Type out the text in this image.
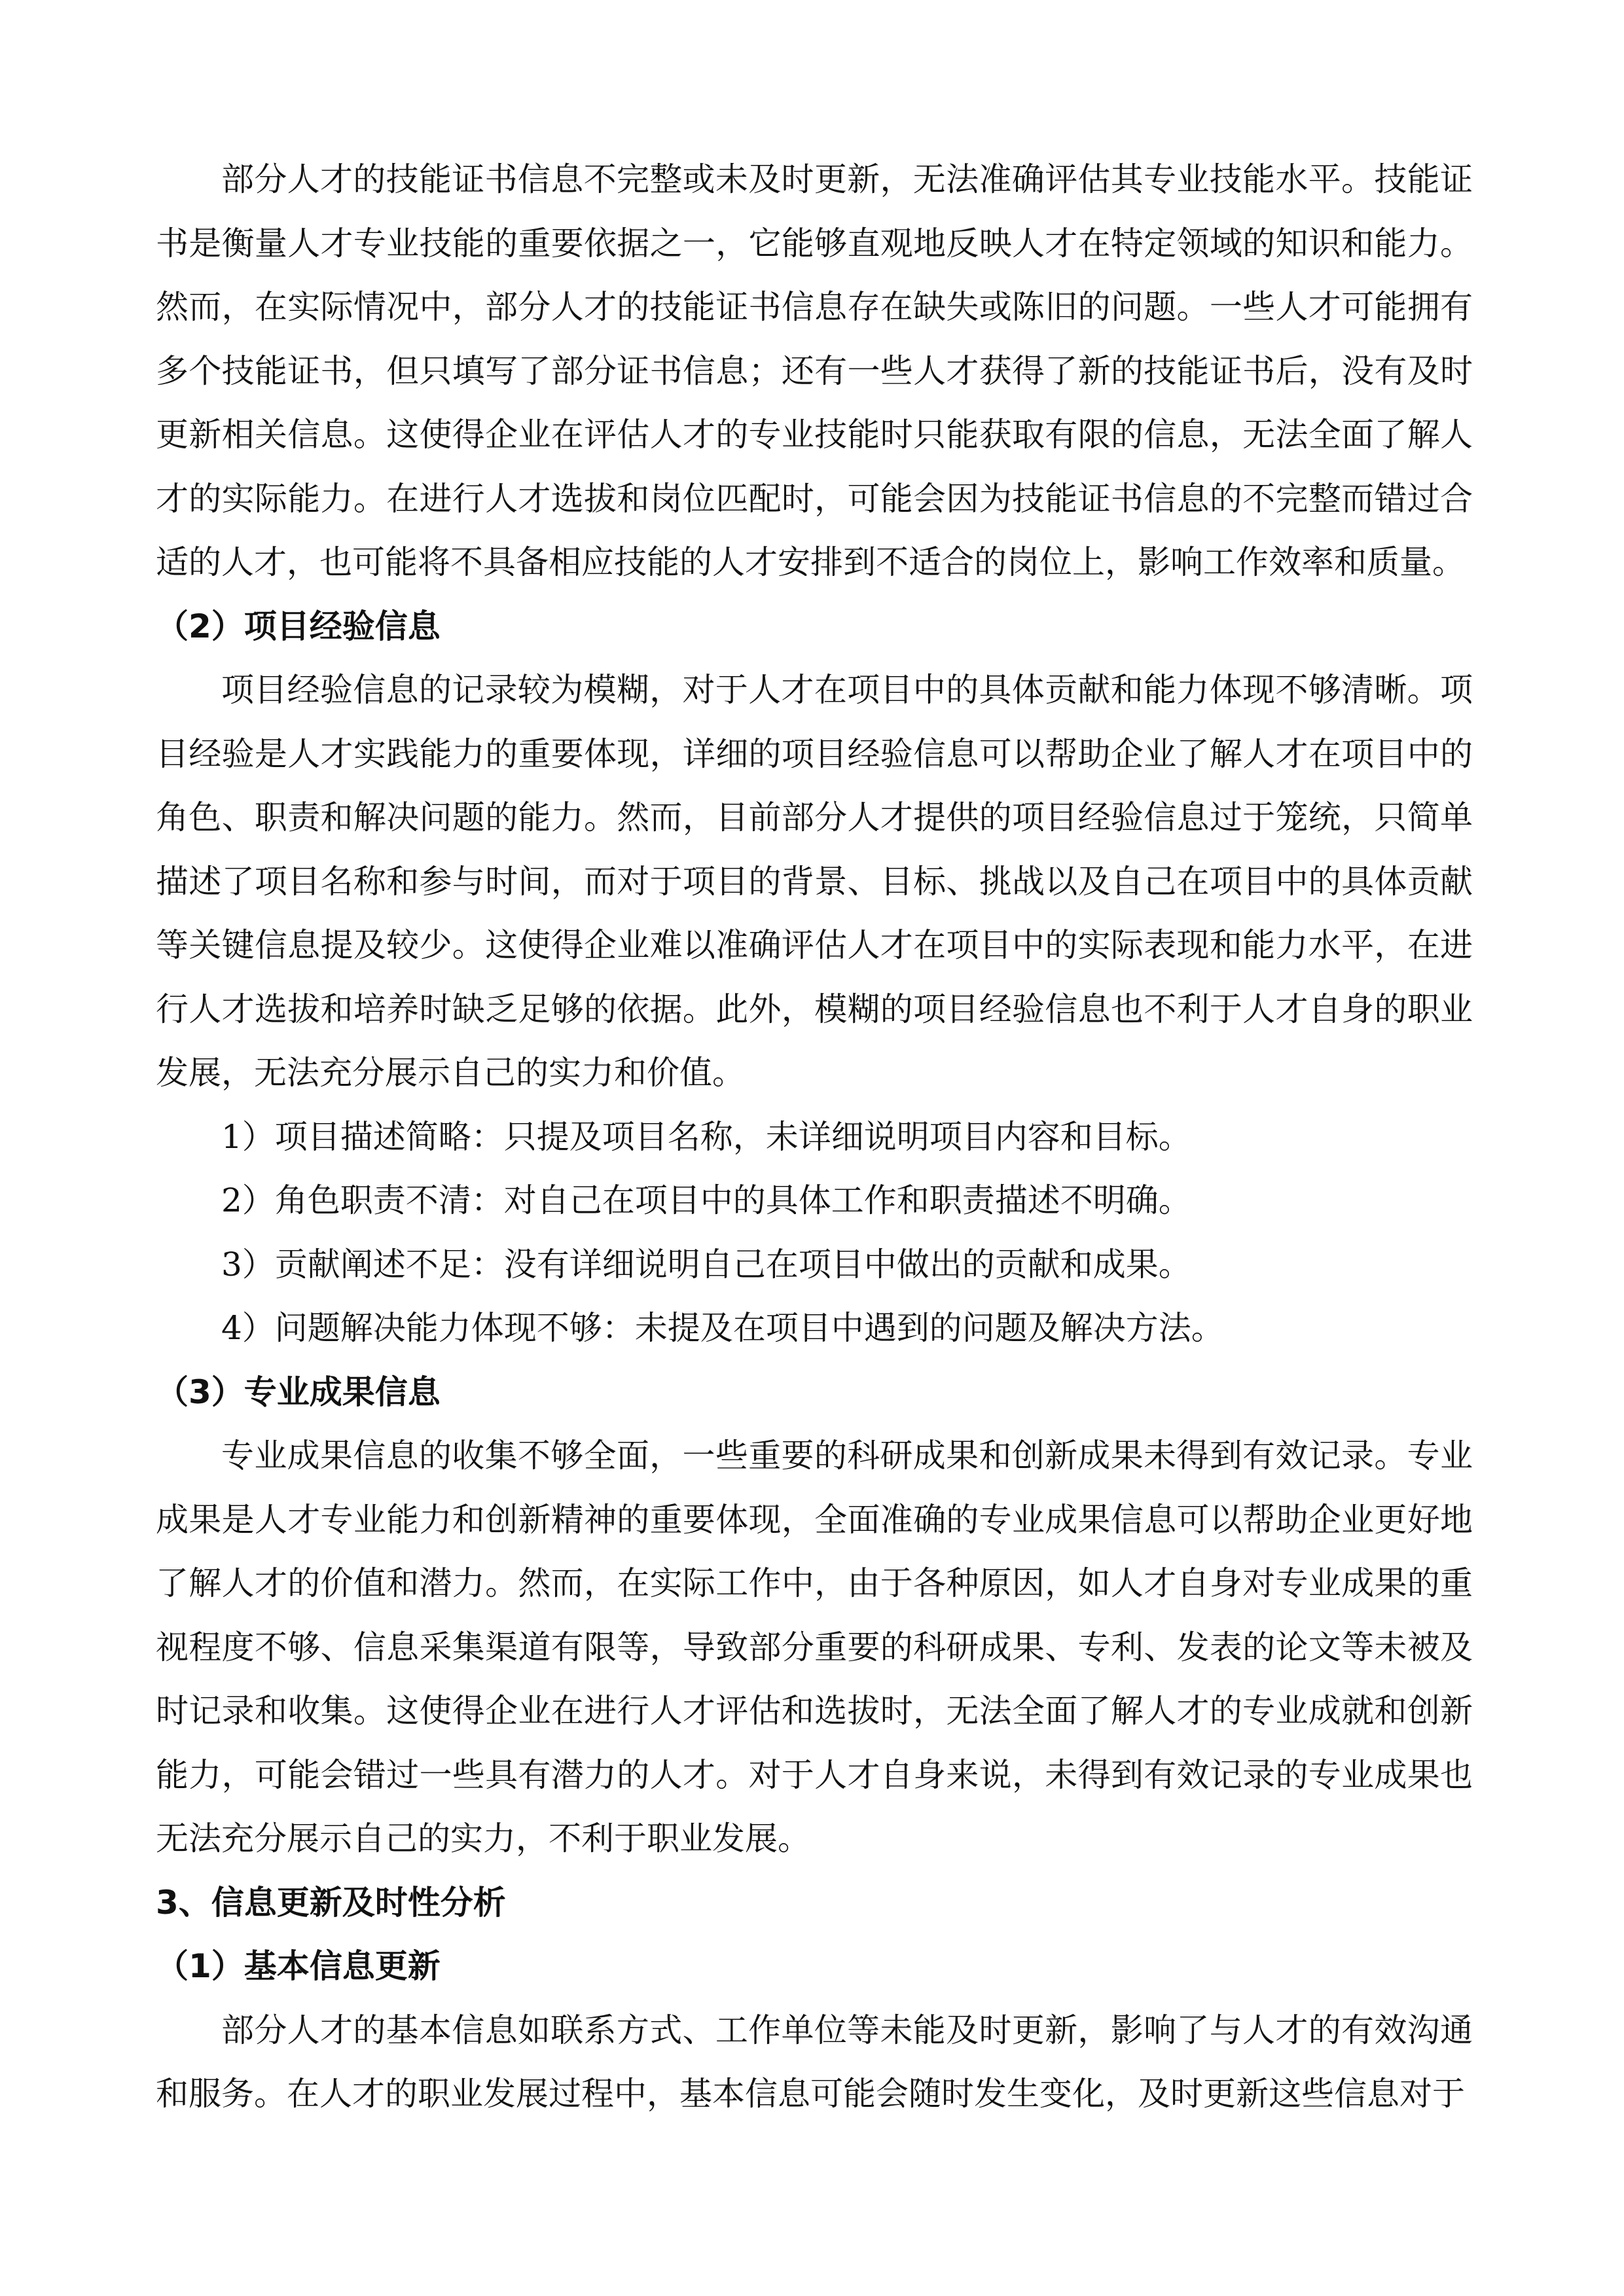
部分人才的技能证书信息不完整或未及时更新，无法准确评估其专业技能水平。技能证书是衡量人才专业技能的重要依据之一，它能够直观地反映人才在特定领域的知识和能力。然而，在实际情况中，部分人才的技能证书信息存在缺失或陈旧的问题。一些人才可能拥有多个技能证书，但只填写了部分证书信息；还有一些人才获得了新的技能证书后，没有及时更新相关信息。这使得企业在评估人才的专业技能时只能获取有限的信息，无法全面了解人才的实际能力。在进行人才选拔和岗位匹配时，可能会因为技能证书信息的不完整而错过合适的人才，也可能将不具备相应技能的人才安排到不适合的岗位上，影响工作效率和质量。

（2）项目经验信息

项目经验信息的记录较为模糊，对于人才在项目中的具体贡献和能力体现不够清晰。项目经验是人才实践能力的重要体现，详细的项目经验信息可以帮助企业了解人才在项目中的角色、职责和解决问题的能力。然而，目前部分人才提供的项目经验信息过于笼统，只简单描述了项目名称和参与时间，而对于项目的背景、目标、挑战以及自己在项目中的具体贡献等关键信息提及较少。这使得企业难以准确评估人才在项目中的实际表现和能力水平，在进行人才选拔和培养时缺乏足够的依据。此外，模糊的项目经验信息也不利于人才自身的职业发展，无法充分展示自己的实力和价值。

1）项目描述简略：只提及项目名称，未详细说明项目内容和目标。

2）角色职责不清：对自己在项目中的具体工作和职责描述不明确。

3）贡献阐述不足：没有详细说明自己在项目中做出的贡献和成果。

4）问题解决能力体现不够：未提及在项目中遇到的问题及解决方法。

（3）专业成果信息

专业成果信息的收集不够全面，一些重要的科研成果和创新成果未得到有效记录。专业成果是人才专业能力和创新精神的重要体现，全面准确的专业成果信息可以帮助企业更好地了解人才的价值和潜力。然而，在实际工作中，由于各种原因，如人才自身对专业成果的重视程度不够、信息采集渠道有限等，导致部分重要的科研成果、专利、发表的论文等未被及时记录和收集。这使得企业在进行人才评估和选拔时，无法全面了解人才的专业成就和创新能力，可能会错过一些具有潜力的人才。对于人才自身来说，未得到有效记录的专业成果也无法充分展示自己的实力，不利于职业发展。

3、信息更新及时性分析

（1）基本信息更新

部分人才的基本信息如联系方式、工作单位等未能及时更新，影响了与人才的有效沟通和服务。在人才的职业发展过程中，基本信息可能会随时发生变化，及时更新这些信息对于
